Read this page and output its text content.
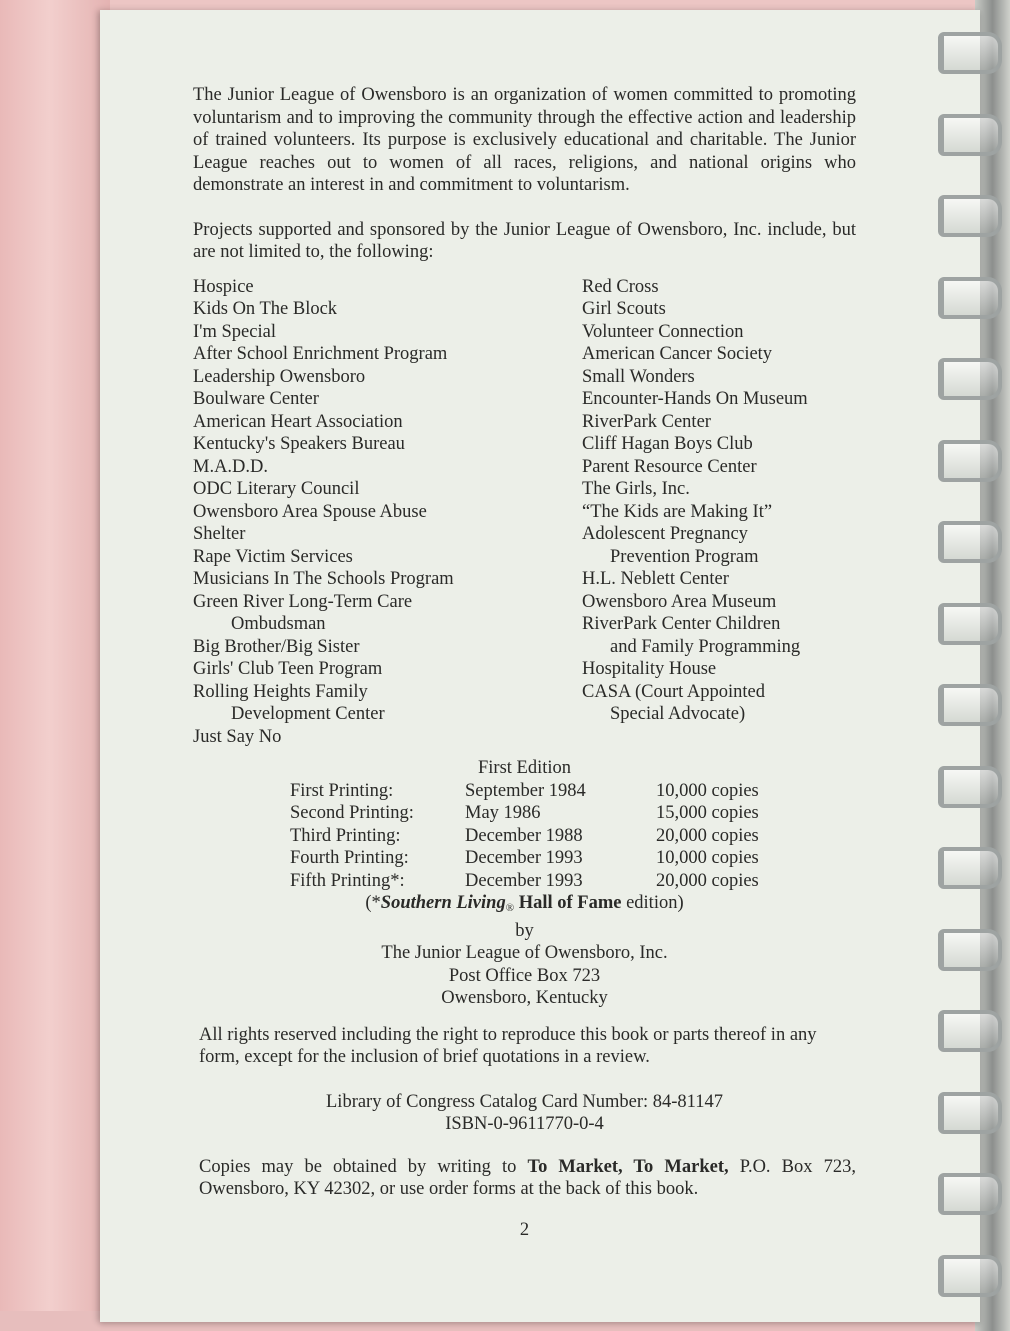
The Junior League of Owensboro is an organization of women committed to promoting voluntarism and to improving the community through the effective action and leadership of trained volunteers. Its purpose is exclusively educational and charitable. The Junior League reaches out to women of all races, religions, and national origins who demonstrate an interest in and commitment to voluntarism.

Projects supported and sponsored by the Junior League of Owensboro, Inc. include, but are not limited to, the following:

Hospice
Kids On The Block
I'm Special
After School Enrichment Program
Leadership Owensboro
Boulware Center
American Heart Association
Kentucky's Speakers Bureau
M.A.D.D.
ODC Literary Council
Owensboro Area Spouse Abuse
Shelter
Rape Victim Services
Musicians In The Schools Program
Green River Long-Term Care
Ombudsman
Big Brother/Big Sister
Girls' Club Teen Program
Rolling Heights Family
Development Center
Just Say No
Red Cross
Girl Scouts
Volunteer Connection
American Cancer Society
Small Wonders
Encounter-Hands On Museum
RiverPark Center
Cliff Hagan Boys Club
Parent Resource Center
The Girls, Inc.
“The Kids are Making It”
Adolescent Pregnancy
Prevention Program
H.L. Neblett Center
Owensboro Area Museum
RiverPark Center Children
and Family Programming
Hospitality House
CASA (Court Appointed
Special Advocate)
First Edition
First Printing:	September 1984	10,000 copies
Second Printing:	May 1986	15,000 copies
Third Printing:	December 1988	20,000 copies
Fourth Printing:	December 1993	10,000 copies
Fifth Printing*:	December 1993	20,000 copies
(*Southern Living® Hall of Fame edition)
by
The Junior League of Owensboro, Inc.
Post Office Box 723
Owensboro, Kentucky

All rights reserved including the right to reproduce this book or parts thereof in any form, except for the inclusion of brief quotations in a review.

Library of Congress Catalog Card Number: 84-81147
ISBN-0-9611770-0-4

Copies may be obtained by writing to To Market, To Market, P.O. Box 723, Owensboro, KY 42302, or use order forms at the back of this book.

2
